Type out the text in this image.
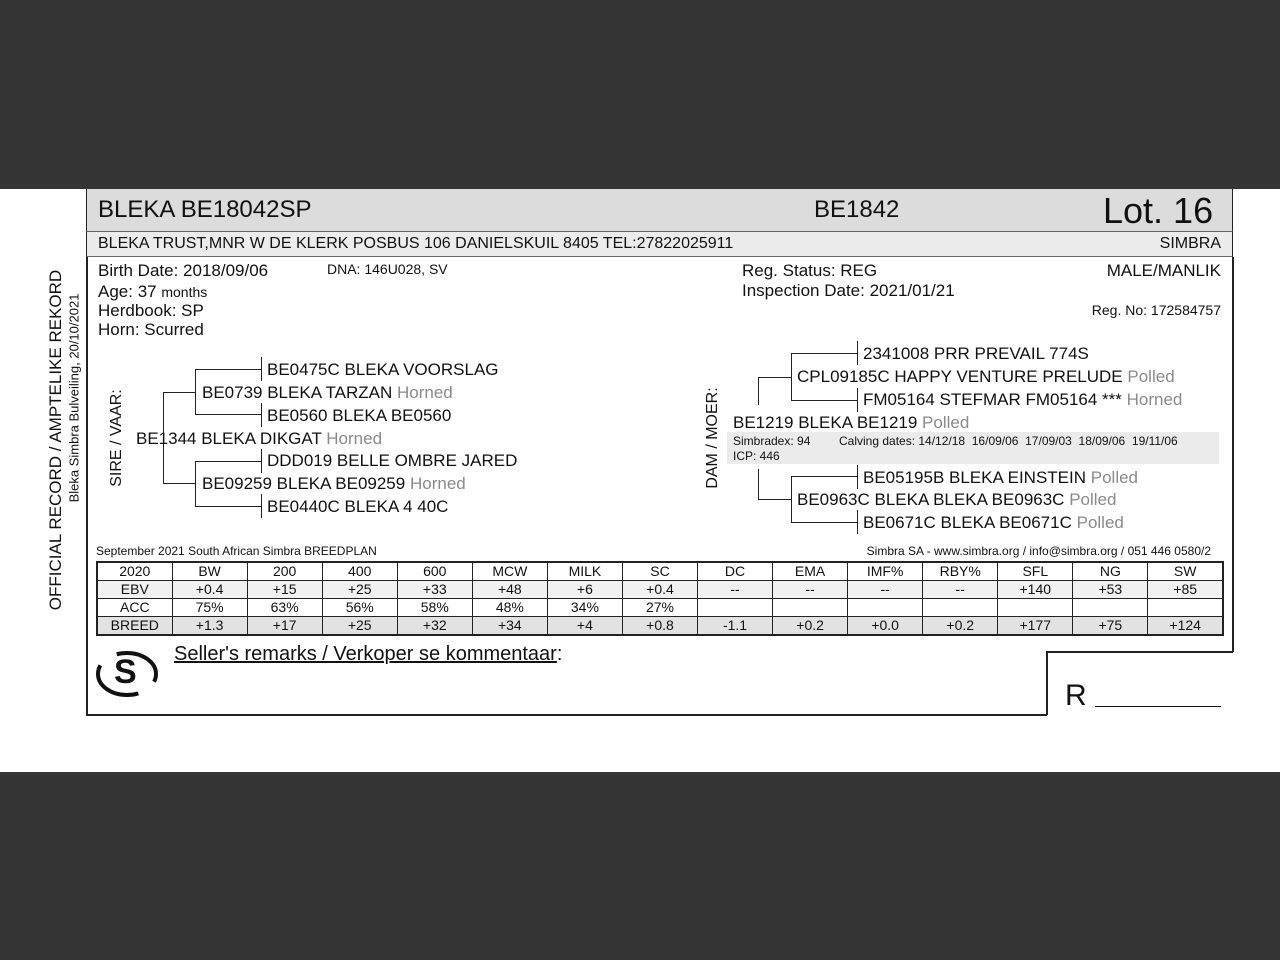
BLEKA BE18042SP	BE1842	Lot. 16
BLEKA TRUST,MNR W DE KLERK POSBUS 106 DANIELSKUIL 8405 TEL:27822025911	SIMBRA
OFFICIAL RECORD / AMPTELIKE REKORD Bleka Simbra Bulveiling, 20/10/2021
Birth Date: 2018/09/06	DNA: 146U028, SV
Age: 37 months
Herdbook: SP
Horn: Scurred
Reg. Status: REG
Inspection Date: 2021/01/21
MALE/MANLIK
Reg. No: 172584757
SIRE / VAAR:
BE0475C BLEKA VOORSLAG
BE0739 BLEKA TARZAN Horned
BE0560 BLEKA BE0560
BE1344 BLEKA DIKGAT Horned
DDD019 BELLE OMBRE JARED
BE09259 BLEKA BE09259 Horned
BE0440C BLEKA 4 40C
DAM / MOER:
2341008 PRR PREVAIL 774S
CPL09185C HAPPY VENTURE PRELUDE Polled
FM05164 STEFMAR FM05164 *** Horned
BE1219 BLEKA BE1219 Polled
Simbradex: 94 Calving dates: 14/12/18  16/09/06  17/09/03  18/09/06  19/11/06
ICP: 446
BE05195B BLEKA EINSTEIN Polled
BE0963C BLEKA BLEKA BE0963C Polled
BE0671C BLEKA BE0671C Polled
September 2021 South African Simbra BREEDPLAN	Simbra SA - www.simbra.org / info@simbra.org / 051 446 0580/2
2020	BW	200	400	600	MCW	MILK	SC	DC	EMA	IMF%	RBY%	SFL	NG	SW
EBV	+0.4	+15	+25	+33	+48	+6	+0.4	--	--	--	--	+140	+53	+85
ACC	75%	63%	56%	58%	48%	34%	27%							
BREED	+1.3	+17	+25	+32	+34	+4	+0.8	-1.1	+0.2	+0.0	+0.2	+177	+75	+124
S Seller's remarks / Verkoper se kommentaar:
R
